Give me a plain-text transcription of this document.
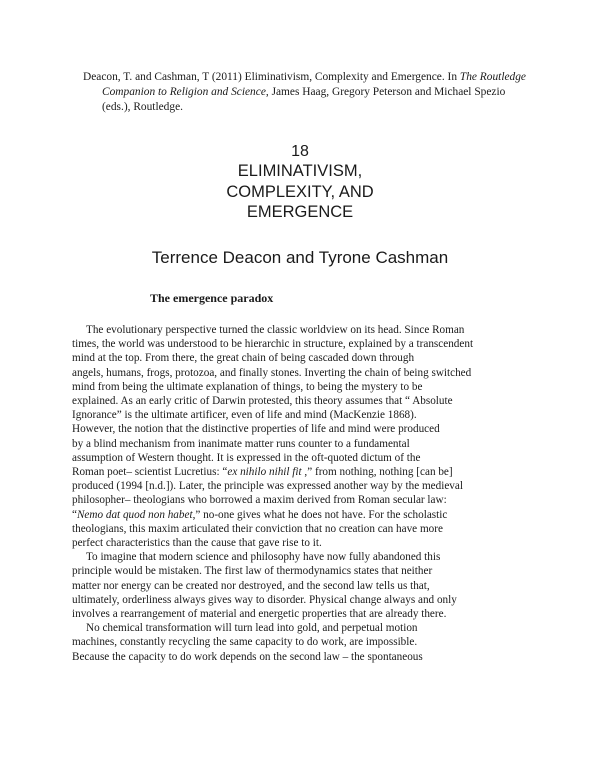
Deacon, T. and Cashman, T (2011) Eliminativism, Complexity and Emergence. In The Routledge
Companion to Religion and Science, James Haag, Gregory Peterson and Michael Spezio
(eds.), Routledge.
18
ELIMINATIVISM,
COMPLEXITY, AND
EMERGENCE
Terrence Deacon and Tyrone Cashman
The emergence paradox
The evolutionary perspective turned the classic worldview on its head. Since Roman
times, the world was understood to be hierarchic in structure, explained by a transcendent
mind at the top. From there, the great chain of being cascaded down through
angels, humans, frogs, protozoa, and finally stones. Inverting the chain of being switched
mind from being the ultimate explanation of things, to being the mystery to be
explained. As an early critic of Darwin protested, this theory assumes that “ Absolute
Ignorance” is the ultimate artificer, even of life and mind (MacKenzie 1868).
However, the notion that the distinctive properties of life and mind were produced
by a blind mechanism from inanimate matter runs counter to a fundamental
assumption of Western thought. It is expressed in the oft-quoted dictum of the
Roman poet– scientist Lucretius: “ex nihilo nihil fit ,” from nothing, nothing [can be]
produced (1994 [n.d.]). Later, the principle was expressed another way by the medieval
philosopher– theologians who borrowed a maxim derived from Roman secular law:
“Nemo dat quod non habet,” no-one gives what he does not have. For the scholastic
theologians, this maxim articulated their conviction that no creation can have more
perfect characteristics than the cause that gave rise to it.
To imagine that modern science and philosophy have now fully abandoned this
principle would be mistaken. The first law of thermodynamics states that neither
matter nor energy can be created nor destroyed, and the second law tells us that,
ultimately, orderliness always gives way to disorder. Physical change always and only
involves a rearrangement of material and energetic properties that are already there.
No chemical transformation will turn lead into gold, and perpetual motion
machines, constantly recycling the same capacity to do work, are impossible.
Because the capacity to do work depends on the second law – the spontaneous
